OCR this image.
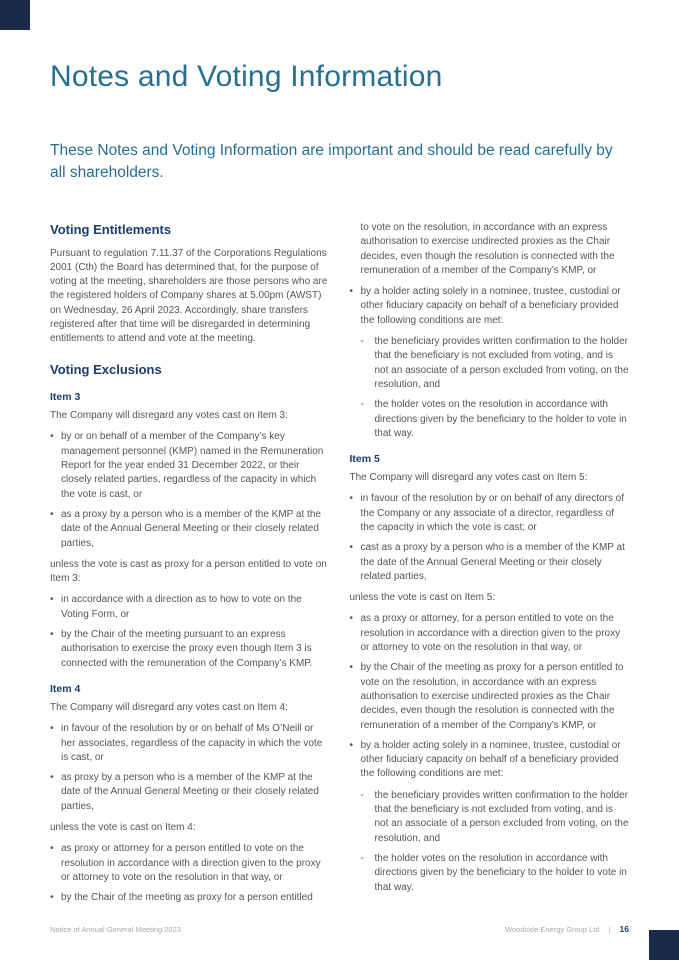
Notes and Voting Information

These Notes and Voting Information are important and should be read carefully by all shareholders.

Voting Entitlements
Pursuant to regulation 7.11.37 of the Corporations Regulations 2001 (Cth) the Board has determined that, for the purpose of voting at the meeting, shareholders are those persons who are the registered holders of Company shares at 5.00pm (AWST) on Wednesday, 26 April 2023. Accordingly, share transfers registered after that time will be disregarded in determining entitlements to attend and vote at the meeting.
Voting Exclusions
Item 3
The Company will disregard any votes cast on Item 3:
• by or on behalf of a member of the Company’s key management personnel (KMP) named in the Remuneration Report for the year ended 31 December 2022, or their closely related parties, regardless of the capacity in which the vote is cast, or
• as a proxy by a person who is a member of the KMP at the date of the Annual General Meeting or their closely related parties,
unless the vote is cast as proxy for a person entitled to vote on Item 3:
• in accordance with a direction as to how to vote on the Voting Form, or
• by the Chair of the meeting pursuant to an express authorisation to exercise the proxy even though Item 3 is connected with the remuneration of the Company’s KMP.
Item 4
The Company will disregard any votes cast on Item 4:
• in favour of the resolution by or on behalf of Ms O’Neill or her associates, regardless of the capacity in which the vote is cast, or
• as proxy by a person who is a member of the KMP at the date of the Annual General Meeting or their closely related parties,
unless the vote is cast on Item 4:
• as proxy or attorney for a person entitled to vote on the resolution in accordance with a direction given to the proxy or attorney to vote on the resolution in that way, or
• by the Chair of the meeting as proxy for a person entitled
to vote on the resolution, in accordance with an express authorisation to exercise undirected proxies as the Chair decides, even though the resolution is connected with the remuneration of a member of the Company’s KMP, or
• by a holder acting solely in a nominee, trustee, custodial or other fiduciary capacity on behalf of a beneficiary provided the following conditions are met:
-	the beneficiary provides written confirmation to the holder that the beneficiary is not excluded from voting, and is not an associate of a person excluded from voting, on the resolution, and
-	the holder votes on the resolution in accordance with directions given by the beneficiary to the holder to vote in that way.
Item 5
The Company will disregard any votes cast on Item 5:
• in favour of the resolution by or on behalf of any directors of the Company or any associate of a director, regardless of the capacity in which the vote is cast; or
• cast as a proxy by a person who is a member of the KMP at the date of the Annual General Meeting or their closely related parties,
unless the vote is cast on Item 5:
• as a proxy or attorney, for a person entitled to vote on the resolution in accordance with a direction given to the proxy or attorney to vote on the resolution in that way, or
• by the Chair of the meeting as proxy for a person entitled to vote on the resolution, in accordance with an express authorisation to exercise undirected proxies as the Chair decides, even though the resolution is connected with the remuneration of a member of the Company’s KMP, or
• by a holder acting solely in a nominee, trustee, custodial or other fiduciary capacity on behalf of a beneficiary provided the following conditions are met:
-	the beneficiary provides written confirmation to the holder that the beneficiary is not excluded from voting, and is not an associate of a person excluded from voting, on the resolution, and
-	the holder votes on the resolution in accordance with directions given by the beneficiary to the holder to vote in that way.
Notice of Annual General Meeting 2023	Woodside Energy Group Ltd | 16
